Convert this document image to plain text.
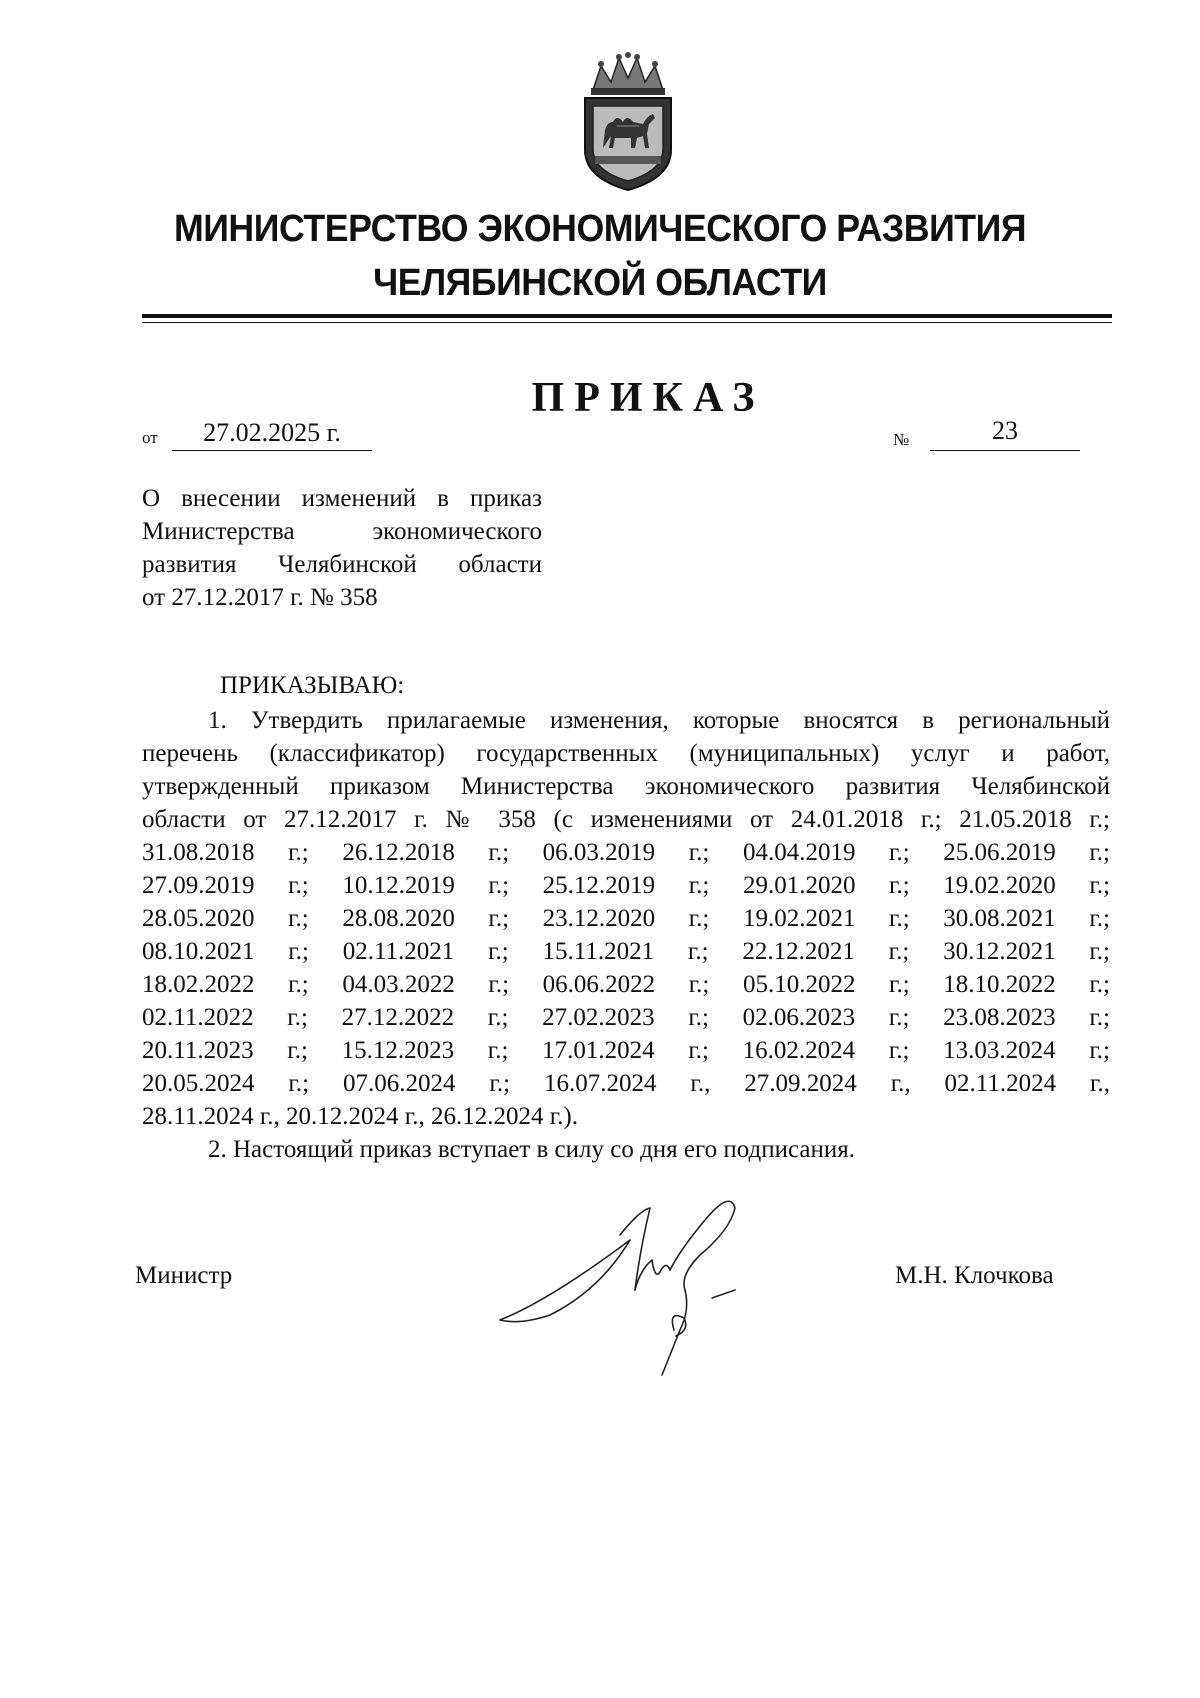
МИНИСТЕРСТВО ЭКОНОМИЧЕСКОГО РАЗВИТИЯ
ЧЕЛЯБИНСКОЙ ОБЛАСТИ
ПРИКАЗ
от	27.02.2025 г.	№	23
О внесении изменений в приказ
Министерства экономического
развития Челябинской области
от 27.12.2017 г. № 358
ПРИКАЗЫВАЮ:
1. Утвердить прилагаемые изменения, которые вносятся в региональный
перечень (классификатор) государственных (муниципальных) услуг и работ,
утвержденный приказом Министерства экономического развития Челябинской
области от 27.12.2017 г. № 358 (с изменениями от 24.01.2018 г.; 21.05.2018 г.;
31.08.2018 г.; 26.12.2018 г.; 06.03.2019 г.; 04.04.2019 г.; 25.06.2019 г.;
27.09.2019 г.; 10.12.2019 г.; 25.12.2019 г.; 29.01.2020 г.; 19.02.2020 г.;
28.05.2020 г.; 28.08.2020 г.; 23.12.2020 г.; 19.02.2021 г.; 30.08.2021 г.;
08.10.2021 г.; 02.11.2021 г.; 15.11.2021 г.; 22.12.2021 г.; 30.12.2021 г.;
18.02.2022 г.; 04.03.2022 г.; 06.06.2022 г.; 05.10.2022 г.; 18.10.2022 г.;
02.11.2022 г.; 27.12.2022 г.; 27.02.2023 г.; 02.06.2023 г.; 23.08.2023 г.;
20.11.2023 г.; 15.12.2023 г.; 17.01.2024 г.; 16.02.2024 г.; 13.03.2024 г.;
20.05.2024 г.; 07.06.2024 г.; 16.07.2024 г., 27.09.2024 г., 02.11.2024 г.,
28.11.2024 г., 20.12.2024 г., 26.12.2024 г.).
2. Настоящий приказ вступает в силу со дня его подписания.
Министр	М.Н. Клочкова
